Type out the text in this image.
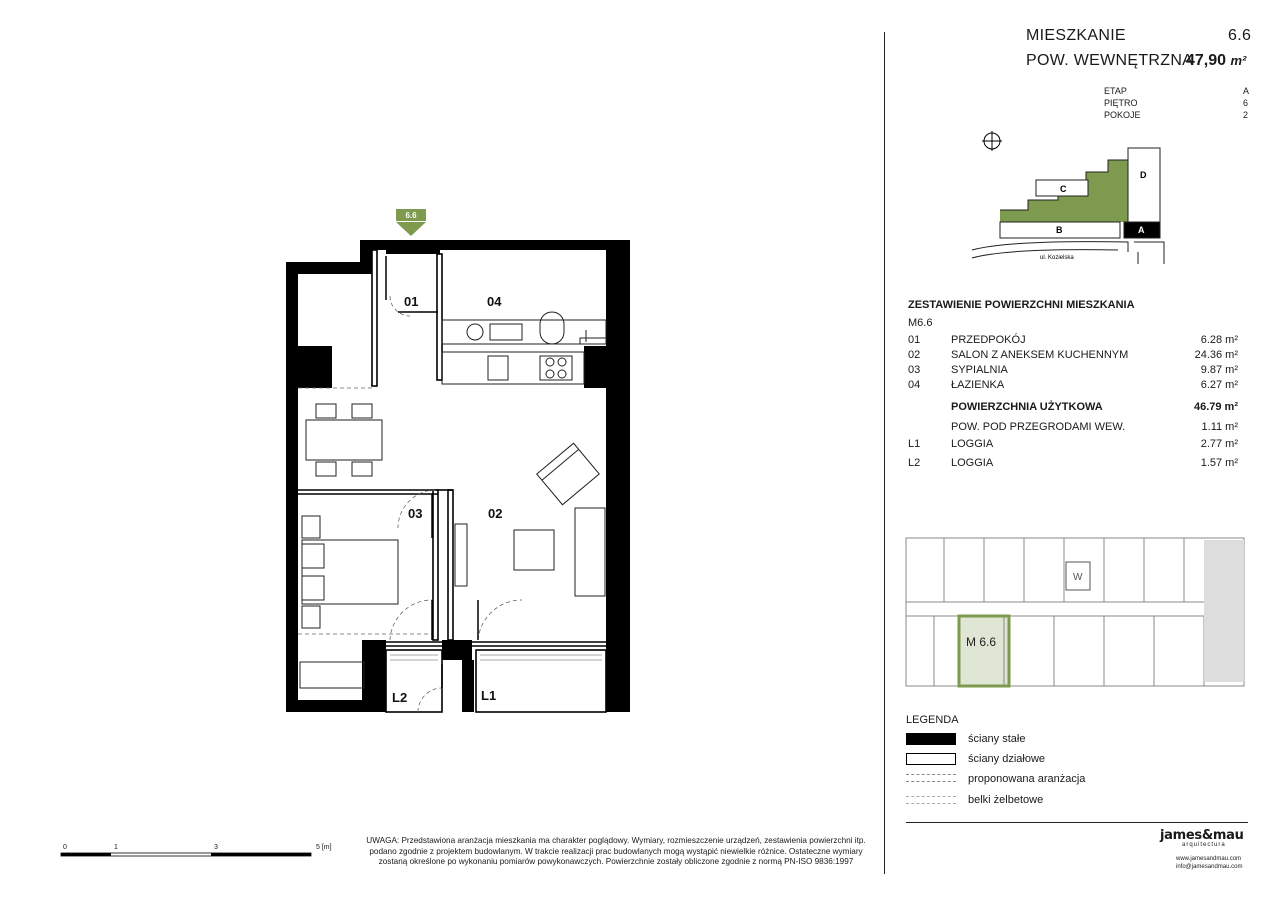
6.6
01	04
03	02
L2	L1
0	1	3	5 [m]
UWAGA: Przedstawiona aranżacja mieszkania ma charakter poglądowy. Wymiary, rozmieszczenie urządzeń, zestawienia powierzchni itp. podano zgodnie z projektem budowlanym. W trakcie realizacji prac budowlanych mogą wystąpić niewielkie różnice. Ostateczne wymiary zostaną określone po wykonaniu pomiarów powykonawczych. Powierzchnie zostały obliczone zgodnie z normą PN-ISO 9836:1997
MIESZKANIE	6.6
POW. WEWNĘTRZNA
47,90 m²
ETAP	A
PIĘTRO	6
POKOJE	2
C
D
B	A
ul. Kozielska
ZESTAWIENIE POWIERZCHNI MIESZKANIA
M6.6
01	PRZEDPOKÓJ	6.28 m²
02	SALON Z ANEKSEM KUCHENNYM	24.36 m²
03	SYPIALNIA	9.87 m²
04	ŁAZIENKA	6.27 m²
POWIERZCHNIA UŻYTKOWA	46.79 m²
POW. POD PRZEGRODAMI WEW.	1.11 m²
L1	LOGGIA	2.77 m²
L2	LOGGIA	1.57 m²
W
M 6.6
LEGENDA
ściany stałe
ściany działowe
proponowana aranżacja
belki żelbetowe
james&mau
arquitectura
www.jamesandmau.com
info@jamesandmau.com
